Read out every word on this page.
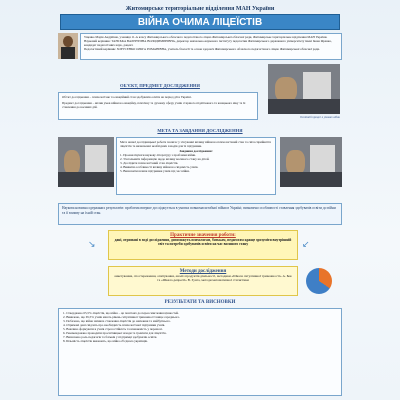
Житомирське територіальне відділення МАН України
ВІЙНА ОЧИМА ЛІЦЕЇСТІВ
Ущенко Марія Андріївна, учениця 11-А класу Житомирського обласного педагогічного ліцею Житомирської обласної ради, Житомирське територіальне відділення МАН України.
Науковий керівник: ТАНСЬКА ВАЛЕНТИНА ВОЛОДИМИРІВНА, директор навчально-наукового інституту педагогіки Житомирського державного університету імені Івана Франка, кандидат педагогічних наук, доцент.
Педагогічний керівник: ЗОРУСЕНКО ОЛЬГА РОМАНІВНА, учитель біології та основ здоров'я Житомирського обласного педагогічного ліцею Житомирської обласної ради.
ОБ'ЄКТ, ПРЕДМЕТ ДОСЛІДЖЕННЯ
Об'єкт дослідження – психологічне та емоційний стан здобувачів освіти на період дії в Україні.
Предмет дослідження – вплив умов війни на емоційну, психічну та духовну сферу учнів старшого підліткового та юнацького віку та їх ставлення до воєнних дій.
Освітній процес в умовах війни
МЕТА ТА ЗАВДАННЯ ДОСЛІДЖЕННЯ
Мета нашої дослідницької роботи полягає у з'ясуванні впливу війни на психологічний стан та світосприйняття ліцеїстів та визначенні необхідних заходів для їх підтримки.
Завдання дослідження:
1. Проаналізувати наукову літературу з проблеми війни.
2. Узагальнити інформацію щодо впливу воєнного стану на дітей.
3. Дослідити психологічний стан ліцеїстів.
4. Виявити особливості впливу війни на свідомість учнів.
5. Визначити шляхи підтримки учнів під час війни.
Наукова новизна одержаних результатів: проблема вперше досліджується в умовах повномасштабної війни в Україні; визначено особливості ставлення здобувачів освіти до війни та її впливу на їхній стан.
Практичне значення роботи:
дані, отримані в ході дослідження, допоможуть психологам, батькам, педагогам краще зрозуміти внутрішній світ та потреби здобувачів освіти на час воєнного стану
Методи дослідження
анкетування, спостереження, опитування, аналіз продуктів діяльності, методики «Шкала ситуативної тривожності» А. Бек та «Шкала депресії» В. Зунга, методи математичної статистики
↘	↙
РЕЗУЛЬТАТИ ТА ВИСНОВКИ
1. Стверджено 65,5% ліцеїстів, що війна – це поштовх до переосмислення цінностей.
2. Виявлено, що 65,5% учнів мають рівень ситуативної тривожності вище середнього.
3. Побачено, що війна змінила ставлення ліцеїстів до навчання та майбутнього.
4. Отримані дані свідчать про необхідність психологічної підтримки учнів.
5. Важливо формувати в учнів стресостійкість та впевненість у перемозі.
6. Рекомендовано проводити просвітницькі заходи та тренінги для ліцеїстів.
7. Визначено роль педагогів та батьків у підтримці здобувачів освіти.
8. Більшість ліцеїстів вважають, що війна об'єднала українців.
